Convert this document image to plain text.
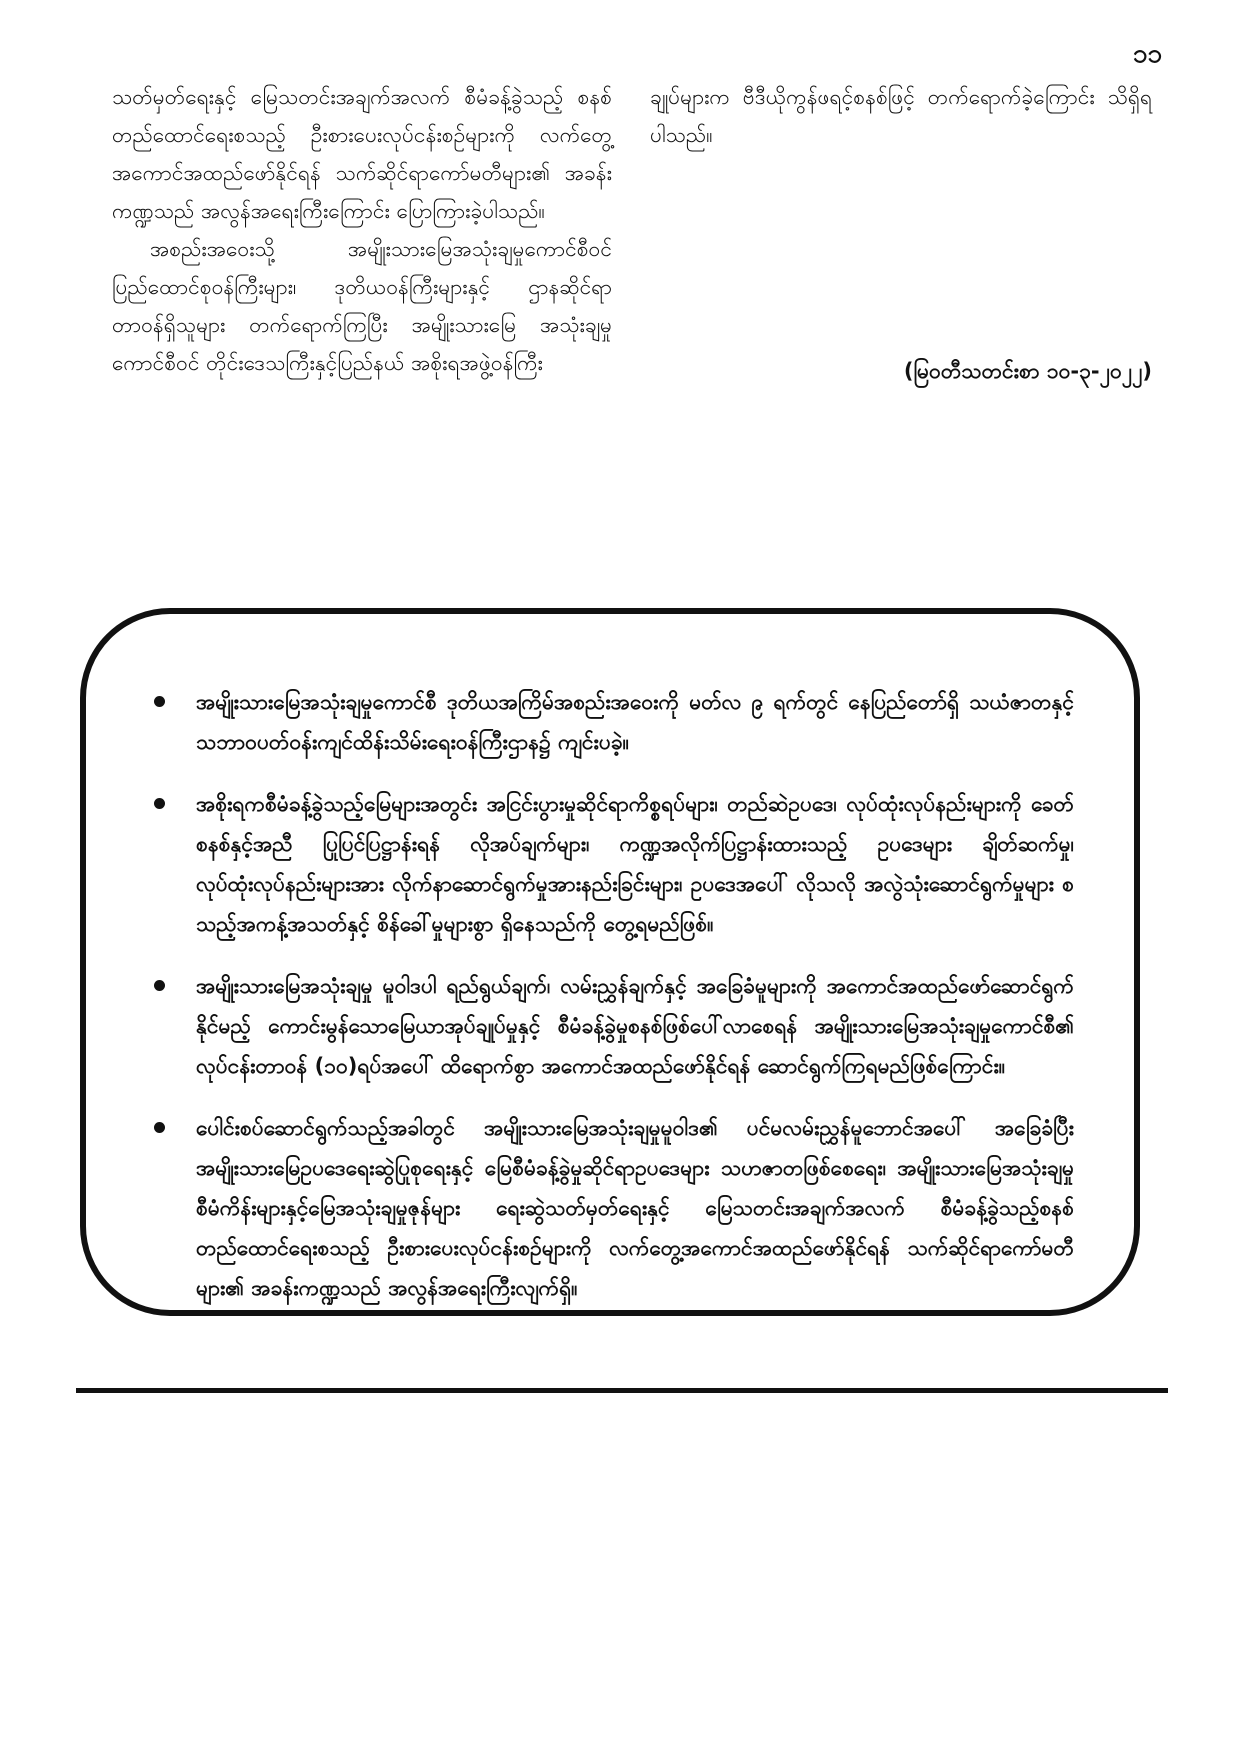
၁၁

သတ်မှတ်ရေးနှင့် မြေသတင်းအချက်အလက် စီမံခန့်ခွဲသည့် စနစ်တည်ထောင်ရေးစသည့် ဦးစားပေးလုပ်ငန်းစဉ်များကို လက်တွေ့အကောင်အထည်ဖော်နိုင်ရန် သက်ဆိုင်ရာကော်မတီများ၏ အခန်းကဏ္ဍသည် အလွန်အရေးကြီးကြောင်း ပြောကြားခဲ့ပါသည်။

အစည်းအဝေးသို့ အမျိုးသားမြေအသုံးချမှုကောင်စီဝင် ပြည်ထောင်စုဝန်ကြီးများ၊ ဒုတိယဝန်ကြီးများနှင့် ဌာနဆိုင်ရာတာဝန်ရှိသူများ တက်ရောက်ကြပြီး အမျိုးသားမြေ အသုံးချမှုကောင်စီဝင် တိုင်းဒေသကြီးနှင့်ပြည်နယ် အစိုးရအဖွဲ့ဝန်ကြီး

ချုပ်များက ဗီဒီယိုကွန်ဖရင့်စနစ်ဖြင့် တက်ရောက်ခဲ့ကြောင်း သိရှိရပါသည်။

(မြဝတီသတင်းစာ ၁၀-၃-၂၀၂၂)
အမျိုးသားမြေအသုံးချမှုကောင်စီ ဒုတိယအကြိမ်အစည်းအဝေးကို မတ်လ ၉ ရက်တွင် နေပြည်တော်ရှိ သယံဇာတနှင့်သဘာဝပတ်ဝန်းကျင်ထိန်းသိမ်းရေးဝန်ကြီးဌာန၌ ကျင်းပခဲ့။
အစိုးရကစီမံခန့်ခွဲသည့်မြေများအတွင်း အငြင်းပွားမှုဆိုင်ရာကိစ္စရပ်များ၊ တည်ဆဲဥပဒေ၊ လုပ်ထုံးလုပ်နည်းများကို ခေတ်စနစ်နှင့်အညီ ပြုပြင်ပြဋ္ဌာန်းရန် လိုအပ်ချက်များ၊ ကဏ္ဍအလိုက်ပြဋ္ဌာန်းထားသည့် ဥပဒေများ ချိတ်ဆက်မှု၊ လုပ်ထုံးလုပ်နည်းများအား လိုက်နာဆောင်ရွက်မှုအားနည်းခြင်းများ၊ ဥပဒေအပေါ် လိုသလို အလွဲသုံးဆောင်ရွက်မှုများ စသည့်အကန့်အသတ်နှင့် စိန်ခေါ်မှုများစွာ ရှိနေသည်ကို တွေ့ရမည်ဖြစ်။
အမျိုးသားမြေအသုံးချမှု မူဝါဒပါ ရည်ရွယ်ချက်၊ လမ်းညွှန်ချက်နှင့် အခြေခံမူများကို အကောင်အထည်ဖော်ဆောင်ရွက်နိုင်မည့် ကောင်းမွန်သောမြေယာအုပ်ချုပ်မှုနှင့် စီမံခန့်ခွဲမှုစနစ်ဖြစ်ပေါ်လာစေရန် အမျိုးသားမြေအသုံးချမှုကောင်စီ၏ လုပ်ငန်းတာဝန် (၁၀)ရပ်အပေါ် ထိရောက်စွာ အကောင်အထည်ဖော်နိုင်ရန် ဆောင်ရွက်ကြရမည်ဖြစ်ကြောင်း။
ပေါင်းစပ်ဆောင်ရွက်သည့်အခါတွင် အမျိုးသားမြေအသုံးချမှုမူဝါဒ၏ ပင်မလမ်းညွှန်မူဘောင်အပေါ် အခြေခံပြီး အမျိုးသားမြေဥပဒေရေးဆွဲပြုစုရေးနှင့် မြေစီမံခန့်ခွဲမှုဆိုင်ရာဥပဒေများ သဟဇာတဖြစ်စေရေး၊ အမျိုးသားမြေအသုံးချမှုစီမံကိန်းများနှင့်မြေအသုံးချမှုဇုန်များ ရေးဆွဲသတ်မှတ်ရေးနှင့် မြေသတင်းအချက်အလက် စီမံခန့်ခွဲသည့်စနစ်တည်ထောင်ရေးစသည့် ဦးစားပေးလုပ်ငန်းစဉ်များကို လက်တွေ့အကောင်အထည်ဖော်နိုင်ရန် သက်ဆိုင်ရာကော်မတီများ၏ အခန်းကဏ္ဍသည် အလွန်အရေးကြီးလျက်ရှိ။
